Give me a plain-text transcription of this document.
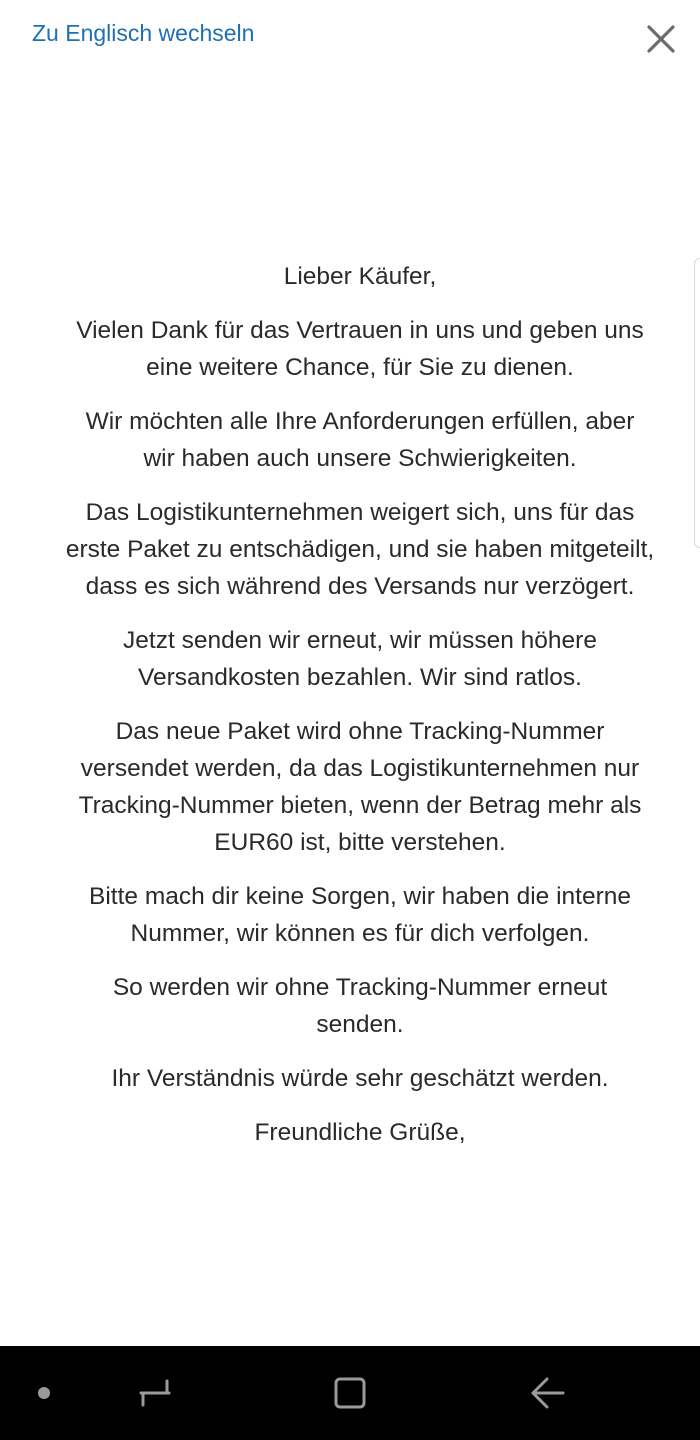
Zu Englisch wechseln

Lieber Käufer,

Vielen Dank für das Vertrauen in uns und geben uns eine weitere Chance, für Sie zu dienen.

Wir möchten alle Ihre Anforderungen erfüllen, aber wir haben auch unsere Schwierigkeiten.

Das Logistikunternehmen weigert sich, uns für das erste Paket zu entschädigen, und sie haben mitgeteilt, dass es sich während des Versands nur verzögert.

Jetzt senden wir erneut, wir müssen höhere Versandkosten bezahlen. Wir sind ratlos.

Das neue Paket wird ohne Tracking-Nummer versendet werden, da das Logistikunternehmen nur Tracking-Nummer bieten, wenn der Betrag mehr als EUR60 ist, bitte verstehen.

Bitte mach dir keine Sorgen, wir haben die interne Nummer, wir können es für dich verfolgen.

So werden wir ohne Tracking-Nummer erneut senden.

Ihr Verständnis würde sehr geschätzt werden.

Freundliche Grüße,
